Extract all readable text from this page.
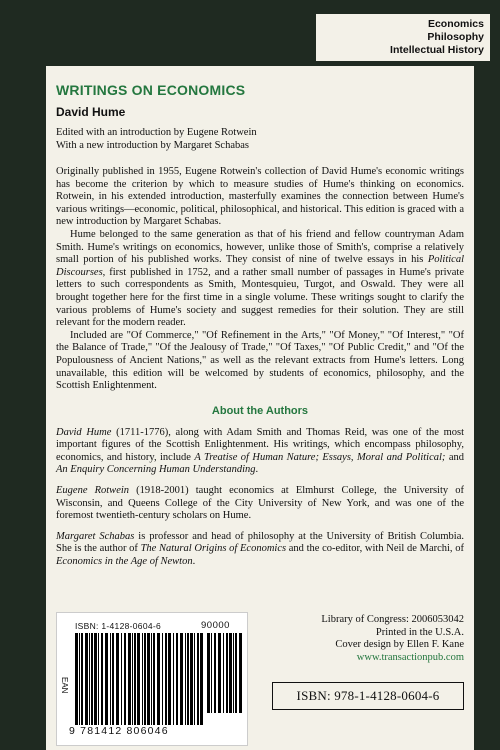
Economics
Philosophy
Intellectual History
WRITINGS ON ECONOMICS
David Hume
Edited with an introduction by Eugene Rotwein
With a new introduction by Margaret Schabas

Originally published in 1955, Eugene Rotwein's collection of David Hume's economic writings has become the criterion by which to measure studies of Hume's thinking on economics. Rotwein, in his extended introduction, masterfully examines the connection between Hume's various writings—economic, political, philosophical, and historical. This edition is graced with a new introduction by Margaret Schabas.

Hume belonged to the same generation as that of his friend and fellow countryman Adam Smith. Hume's writings on economics, however, unlike those of Smith's, comprise a relatively small portion of his published works. They consist of nine of twelve essays in his Political Discourses, first published in 1752, and a rather small number of passages in Hume's private letters to such correspondents as Smith, Montesquieu, Turgot, and Oswald. They were all brought together here for the first time in a single volume. These writings sought to clarify the various problems of Hume's society and suggest remedies for their solution. They are still relevant for the modern reader.

Included are "Of Commerce," "Of Refinement in the Arts," "Of Money," "Of Interest," "Of the Balance of Trade," "Of the Jealousy of Trade," "Of Taxes," "Of Public Credit," and "Of the Populousness of Ancient Nations," as well as the relevant extracts from Hume's letters. Long unavailable, this edition will be welcomed by students of economics, philosophy, and the Scottish Enlightenment.

About the Authors

David Hume (1711-1776), along with Adam Smith and Thomas Reid, was one of the most important figures of the Scottish Enlightenment. His writings, which encompass philosophy, economics, and history, include A Treatise of Human Nature; Essays, Moral and Political; and An Enquiry Concerning Human Understanding.

Eugene Rotwein (1918-2001) taught economics at Elmhurst College, the University of Wisconsin, and Queens College of the City University of New York, and was one of the foremost twentieth-century scholars on Hume.

Margaret Schabas is professor and head of philosophy at the University of British Columbia. She is the author of The Natural Origins of Economics and the co-editor, with Neil de Marchi, of Economics in the Age of Newton.

ISBN: 1-4128-0604-6	90000
EAN
9 781412 806046
Library of Congress: 2006053042
Printed in the U.S.A.
Cover design by Ellen F. Kane
www.transactionpub.com
ISBN: 978-1-4128-0604-6
